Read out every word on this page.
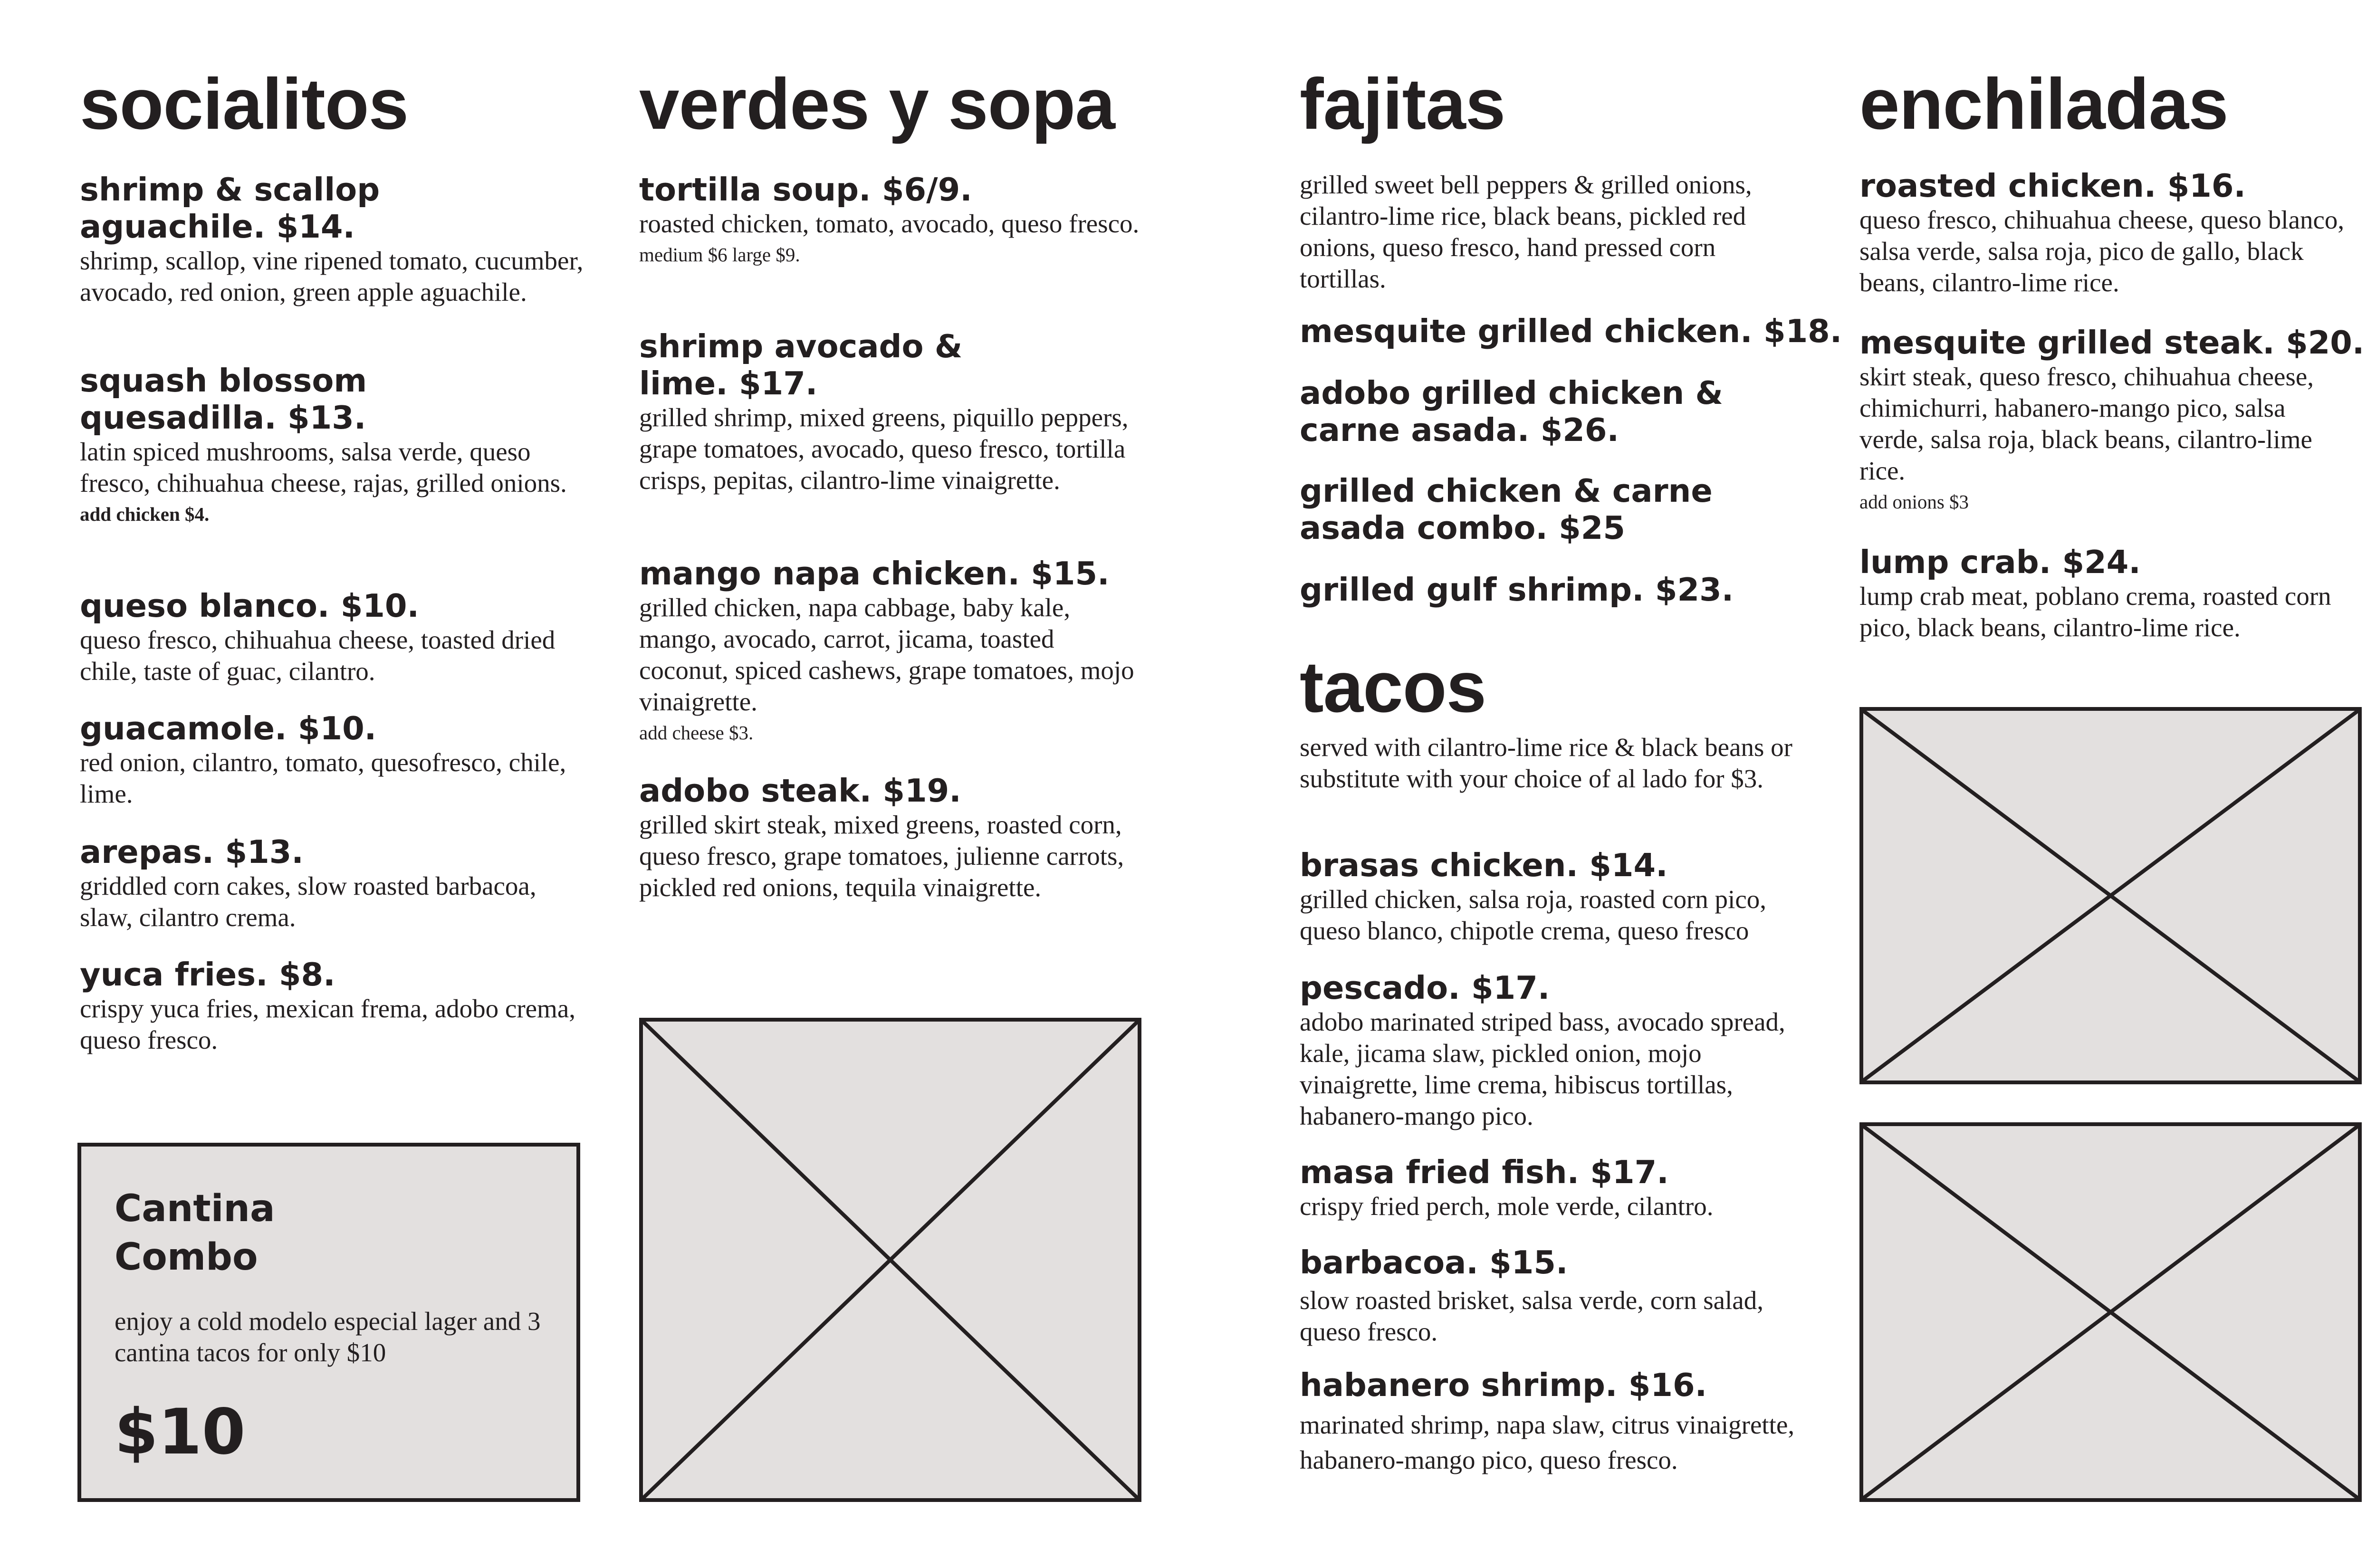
socialitos

shrimp & scallop aguachile. $14.

shrimp, scallop, vine ripened tomato, cucumber, avocado, red onion, green apple aguachile.

squash blossom quesadilla. $13.

latin spiced mushrooms, salsa verde, queso fresco, chihuahua cheese, rajas, grilled onions.

add chicken $4.

queso blanco. $10.

queso fresco, chihuahua cheese, toasted dried chile, taste of guac, cilantro.

guacamole. $10.

red onion, cilantro, tomato, quesofresco, chile, lime.

arepas. $13.

griddled corn cakes, slow roasted barbacoa, slaw, cilantro crema.

yuca fries. $8.

crispy yuca fries, mexican frema, adobo crema, queso fresco.

Cantina Combo
enjoy a cold modelo especial lager and 3 cantina tacos for only $10
$10
verdes y sopa

tortilla soup. $6/9.

roasted chicken, tomato, avocado, queso fresco.

medium $6 large $9.

shrimp avocado & lime. $17.

grilled shrimp, mixed greens, piquillo peppers, grape tomatoes, avocado, queso fresco, tortilla crisps, pepitas, cilantro-lime vinaigrette.

mango napa chicken. $15.

grilled chicken, napa cabbage, baby kale, mango, avocado, carrot, jicama, toasted coconut, spiced cashews, grape tomatoes, mojo vinaigrette.

add cheese $3.

adobo steak. $19.

grilled skirt steak, mixed greens, roasted corn, queso fresco, grape tomatoes, julienne carrots, pickled red onions, tequila vinaigrette.

fajitas

grilled sweet bell peppers & grilled onions, cilantro-lime rice, black beans, pickled red onions, queso fresco, hand pressed corn tortillas.

mesquite grilled chicken. $18.

adobo grilled chicken & carne asada. $26.

grilled chicken & carne asada combo. $25

grilled gulf shrimp. $23.

tacos

served with cilantro-lime rice & black beans or substitute with your choice of al lado for $3.

brasas chicken. $14.

grilled chicken, salsa roja, roasted corn pico, queso blanco, chipotle crema, queso fresco

pescado. $17.

adobo marinated striped bass, avocado spread, kale, jicama slaw, pickled onion, mojo vinaigrette, lime crema, hibiscus tortillas, habanero-mango pico.

masa fried fish. $17.

crispy fried perch, mole verde, cilantro.

barbacoa. $15.

slow roasted brisket, salsa verde, corn salad, queso fresco.

habanero shrimp. $16.

marinated shrimp, napa slaw, citrus vinaigrette, habanero-mango pico, queso fresco.

enchiladas

roasted chicken. $16.

queso fresco, chihuahua cheese, queso blanco, salsa verde, salsa roja, pico de gallo, black beans, cilantro-lime rice.

mesquite grilled steak. $20.

skirt steak, queso fresco, chihuahua cheese, chimichurri, habanero-mango pico, salsa verde, salsa roja, black beans, cilantro-lime rice.

add onions $3

lump crab. $24.

lump crab meat, poblano crema, roasted corn pico, black beans, cilantro-lime rice.
